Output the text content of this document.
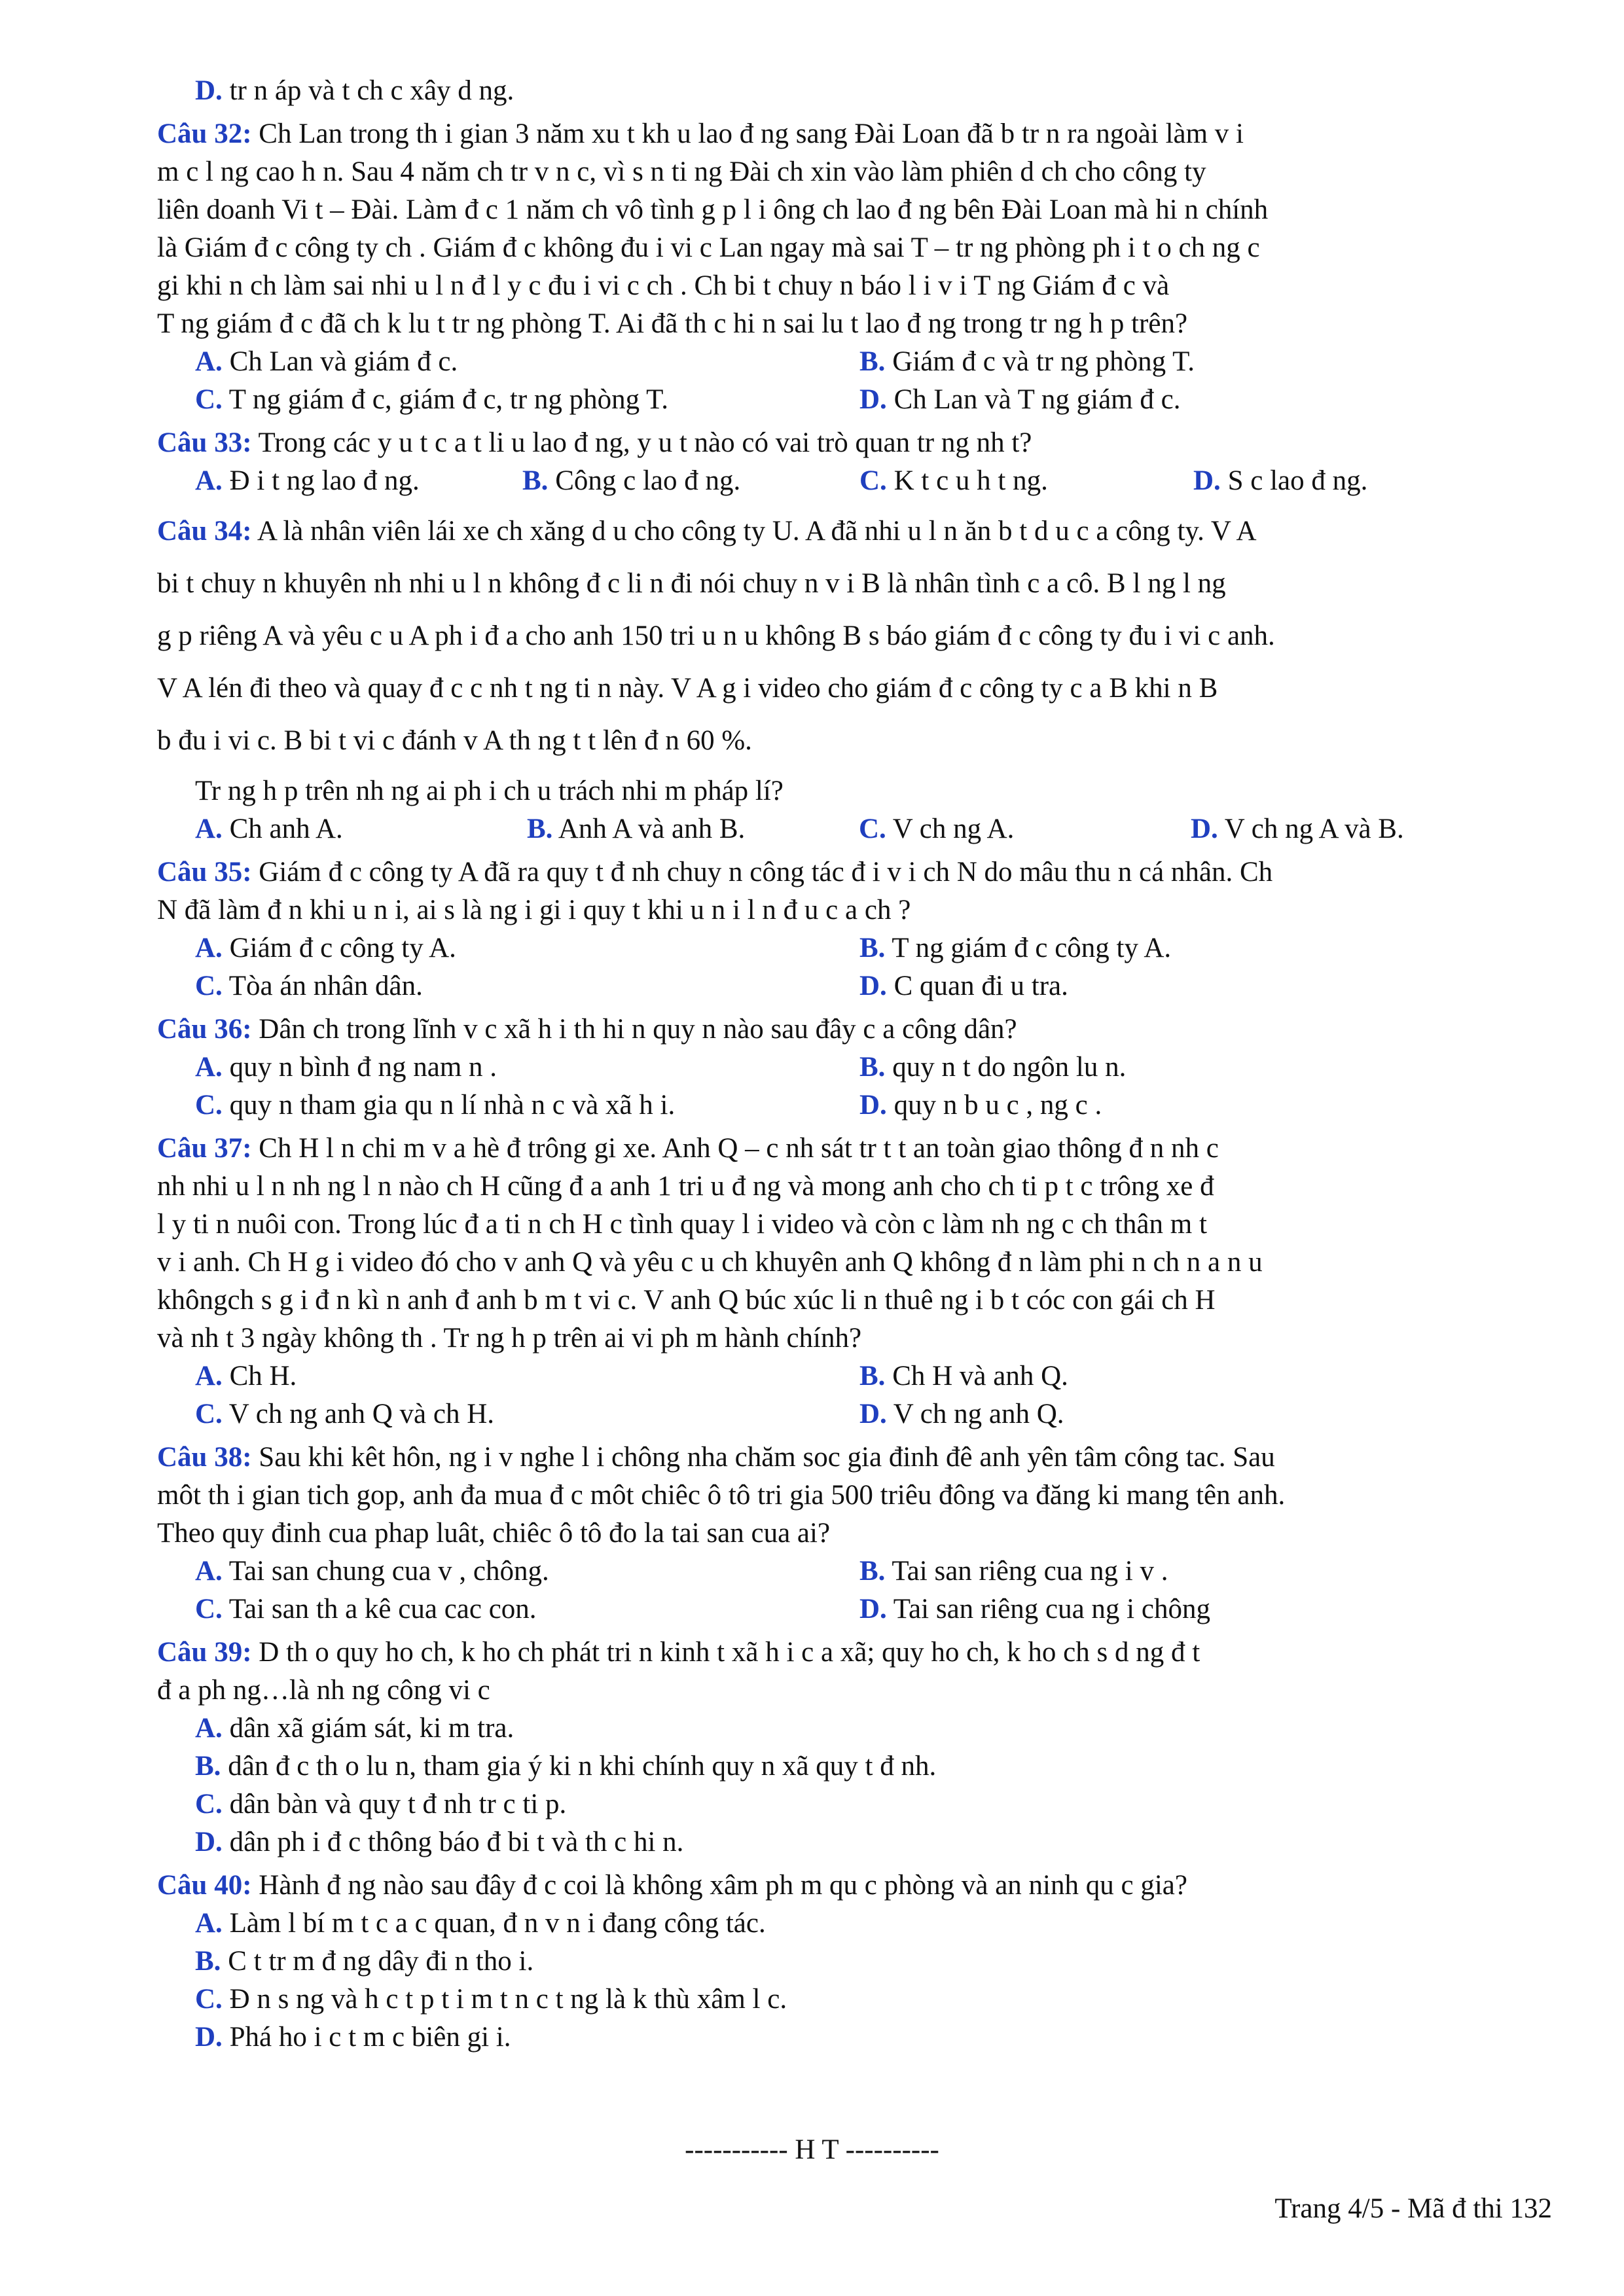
D. tr n áp và t ch c xây d ng.
Câu 32: Ch Lan trong th i gian 3 năm xu t kh u lao đ ng sang Đài Loan đã b tr n ra ngoài làm v i
m c l ng cao h n. Sau 4 năm ch tr v n c, vì s n ti ng Đài ch xin vào làm phiên d ch cho công ty
liên doanh Vi t – Đài. Làm đ c 1 năm ch vô tình g p l i ông ch lao đ ng bên Đài Loan mà hi n chính
là Giám đ c công ty ch . Giám đ c không đu i vi c Lan ngay mà sai T – tr ng phòng ph i t o ch ng c
gi khi n ch làm sai nhi u l n đ l y c đu i vi c ch . Ch bi t chuy n báo l i v i T ng Giám đ c và
T ng giám đ c đã ch k lu t tr ng phòng T. Ai đã th c hi n sai lu t lao đ ng trong tr ng h p trên?
A. Ch Lan và giám đ c.	B. Giám đ c và tr ng phòng T.
C. T ng giám đ c, giám đ c, tr ng phòng T.	D. Ch Lan và T ng giám đ c.
Câu 33: Trong các y u t c a t li u lao đ ng, y u t nào có vai trò quan tr ng nh t?
A. Đ i t ng lao đ ng.	B. Công c lao đ ng.	C. K t c u h t ng.	D. S c lao đ ng.
Câu 34: A là nhân viên lái xe ch xăng d u cho công ty U. A đã nhi u l n ăn b t d u c a công ty. V A
bi t chuy n khuyên nh nhi u l n không đ c li n đi nói chuy n v i B là nhân tình c a cô. B l ng l ng
g p riêng A và yêu c u A ph i đ a cho anh 150 tri u n u không B s báo giám đ c công ty đu i vi c anh.
V A lén đi theo và quay đ c c nh t ng ti n này. V A g i video cho giám đ c công ty c a B khi n B
b đu i vi c. B bi t vi c đánh v A th ng t t lên đ n 60 %.
Tr ng h p trên nh ng ai ph i ch u trách nhi m pháp lí?
A. Ch anh A.	B. Anh A và anh B.	C. V ch ng A.	D. V ch ng A và B.
Câu 35: Giám đ c công ty A đã ra quy t đ nh chuy n công tác đ i v i ch N do mâu thu n cá nhân. Ch
N đã làm đ n khi u n i, ai s là ng i gi i quy t khi u n i l n đ u c a ch ?
A. Giám đ c công ty A.	B. T ng giám đ c công ty A.
C. Tòa án nhân dân.	D. C quan đi u tra.
Câu 36: Dân ch trong lĩnh v c xã h i th hi n quy n nào sau đây c a công dân?
A. quy n bình đ ng nam n .	B. quy n t do ngôn lu n.
C. quy n tham gia qu n lí nhà n c và xã h i.	D. quy n b u c , ng c .
Câu 37: Ch H l n chi m v a hè đ trông gi xe. Anh Q – c nh sát tr t t an toàn giao thông đ n nh c
nh nhi u l n nh ng l n nào ch H cũng đ a anh 1 tri u đ ng và mong anh cho ch ti p t c trông xe đ
l y ti n nuôi con. Trong lúc đ a ti n ch H c tình quay l i video và còn c làm nh ng c ch thân m t
v i anh. Ch H g i video đó cho v anh Q và yêu c u ch khuyên anh Q không đ n làm phi n ch n a n u
khôngch s g i đ n kì n anh đ anh b m t vi c. V anh Q búc xúc li n thuê ng i b t cóc con gái ch H
và nh t 3 ngày không th . Tr ng h p trên ai vi ph m hành chính?
A. Ch H.	B. Ch H và anh Q.
C. V ch ng anh Q và ch H.	D. V ch ng anh Q.
Câu 38: Sau khi kêt hôn, ng i v nghe l i chông nha chăm soc gia đinh đê anh yên tâm công tac. Sau
môt th i gian tich gop, anh đa mua đ c môt chiêc ô tô tri gia 500 triêu đông va đăng ki mang tên anh.
Theo quy đinh cua phap luât, chiêc ô tô đo la tai san cua ai?
A. Tai san chung cua v , chông.	B. Tai san riêng cua ng i v .
C. Tai san th a kê cua cac con.	D. Tai san riêng cua ng i chông
Câu 39: D th o quy ho ch, k ho ch phát tri n kinh t xã h i c a xã; quy ho ch, k ho ch s d ng đ t
đ a ph ng…là nh ng công vi c
A. dân xã giám sát, ki m tra.
B. dân đ c th o lu n, tham gia ý ki n khi chính quy n xã quy t đ nh.
C. dân bàn và quy t đ nh tr c ti p.
D. dân ph i đ c thông báo đ bi t và th c hi n.
Câu 40: Hành đ ng nào sau đây đ c coi là không xâm ph m qu c phòng và an ninh qu c gia?
A. Làm l bí m t c a c quan, đ n v n i đang công tác.
B. C t tr m đ ng dây đi n tho i.
C. Đ n s ng và h c t p t i m t n c t ng là k thù xâm l c.
D. Phá ho i c t m c biên gi i.
----------- H T ----------
Trang 4/5 - Mã đ thi 132
